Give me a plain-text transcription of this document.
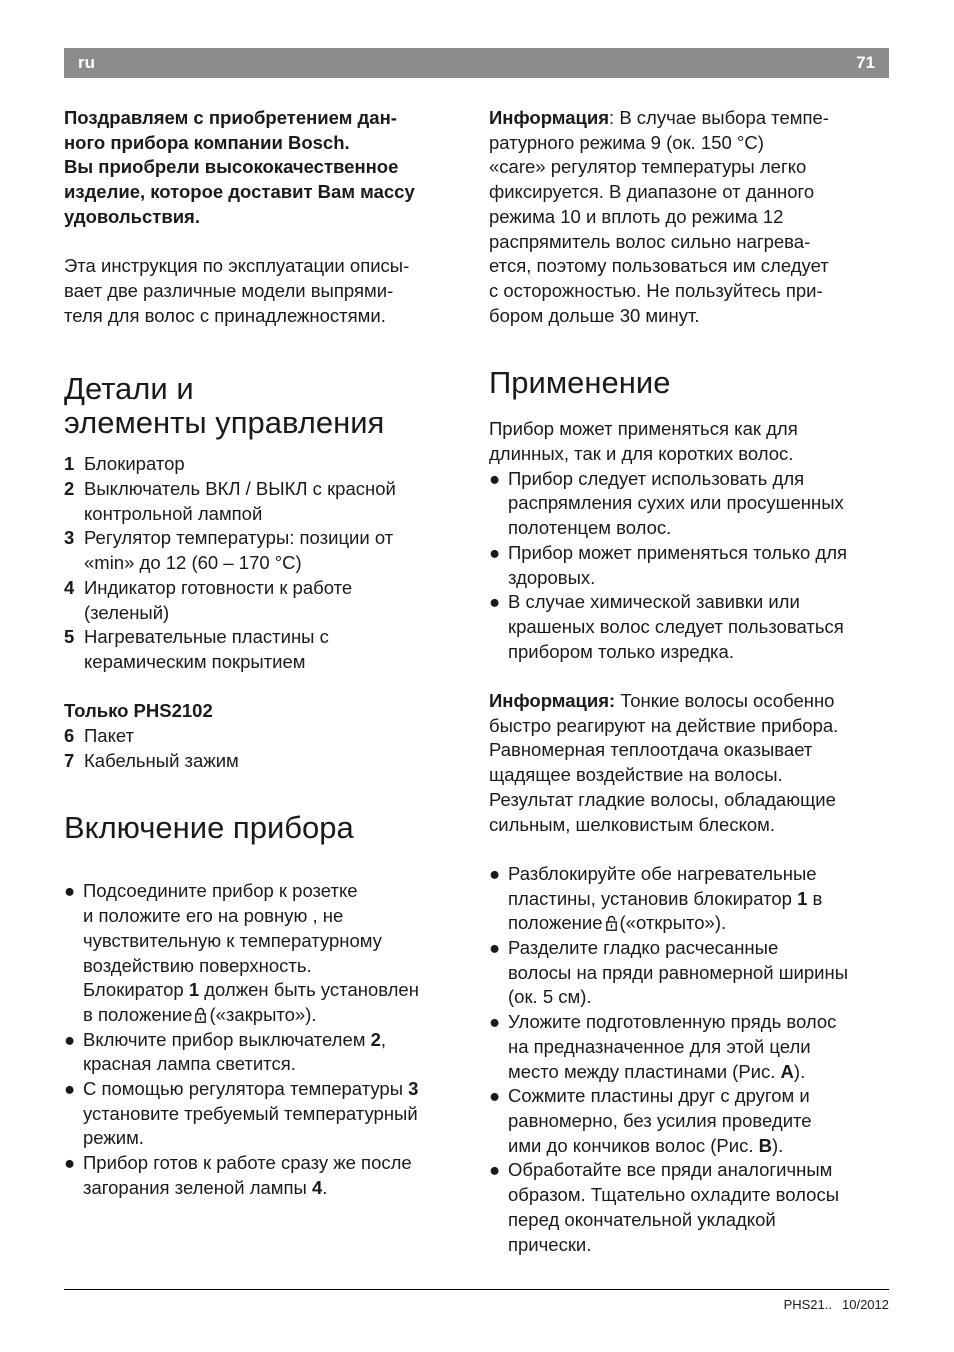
ru	71
Поздравляем с приобретением дан-
ного прибора компании Bosch.
Вы приобрели высококачественное
изделие, которое доставит Вам массу
удовольствия.
Эта инструкция по эксплуатации описы-
вает две различные модели выпрями-
теля для волос с принадлежностями.
Детали и
элементы управления
1 Блокиратор
2 Выключатель ВКЛ / ВЫКЛ с красной
контрольной лампой
3 Регулятор температуры: позиции от
«min» до 12 (60 – 170 °C)
4 Индикатор готовности к работе
(зеленый)
5 Нагревательные пластины с
керамическим покрытием
Только PHS2102
6 Пакет
7 Кабельный зажим
Включение прибора
● Подсоедините прибор к розетке
и положите его на ровную , не
чувствительную к температурному
воздействию поверхность.
Блокиратор 1 должен быть установлен
в положение («закрыто»).
● Включите прибор выключателем 2,
красная лампа светится.
● С помощью регулятора температуры 3
установите требуемый температурный
режим.
● Прибор готов к работе сразу же после
загорания зеленой лампы 4.
Информация: В случае выбора темпе-
ратурного режима 9 (ок. 150 °C)
«care» регулятор температуры легко
фиксируется. В диапазоне от данного
режима 10 и вплоть до режима 12
распрямитель волос сильно нагрева-
ется, поэтому пользоваться им следует
с осторожностью. Не пользуйтесь при-
бором дольше 30 минут.
Применение
Прибор может применяться как для
длинных, так и для коротких волос.
● Прибор следует использовать для
распрямления сухих или просушенных
полотенцем волос.
● Прибор может применяться только для
здоровых.
● В случае химической завивки или
крашеных волос следует пользоваться
прибором только изредка.
Информация: Тонкие волосы особенно
быстро реагируют на действие прибора.
Равномерная теплоотдача оказывает
щадящее воздействие на волосы.
Результат гладкие волосы, обладающие
сильным, шелковистым блеском.
● Разблокируйте обе нагревательные
пластины, установив блокиратор 1 в
положение («открыто»).
● Разделите гладко расчесанные
волосы на пряди равномерной ширины
(ок. 5 см).
● Уложите подготовленную прядь волос
на предназначенное для этой цели
место между пластинами (Рис. A).
● Сожмите пластины друг с другом и
равномерно, без усилия проведите
ими до кончиков волос (Рис. B).
● Обработайте все пряди аналогичным
образом. Тщательно охладите волосы
перед окончательной укладкой
прически.
PHS21.. 10/2012
